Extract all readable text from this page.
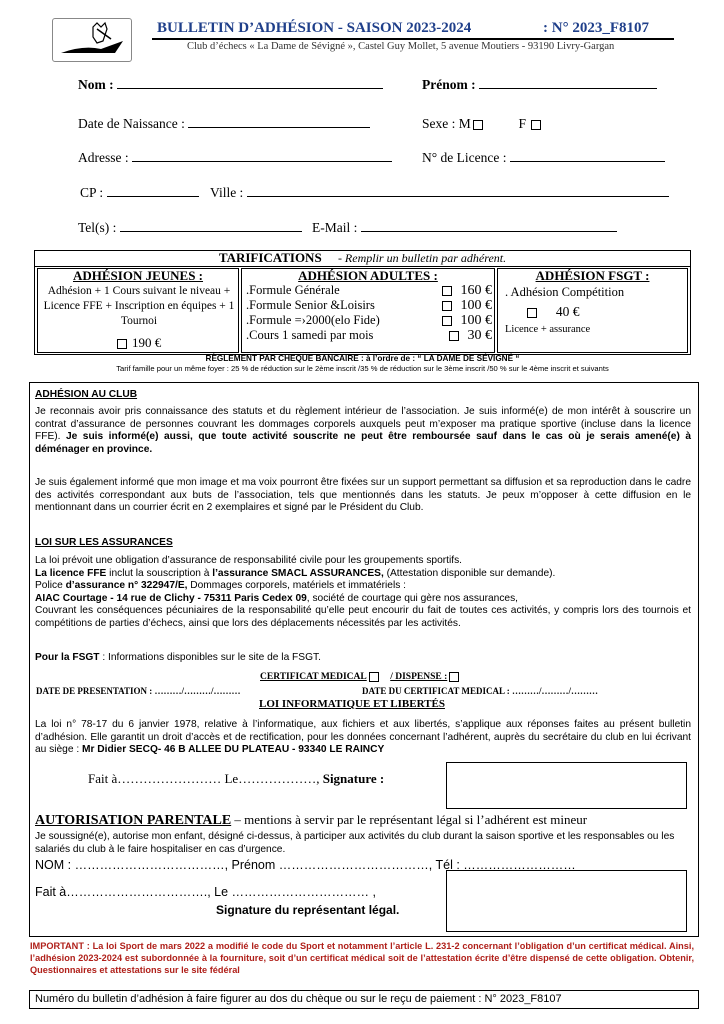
BULLETIN D’ADHÉSION - SAISON 2023-2024	: N° 2023_F8107
Club d’échecs « La Dame de Sévigné », Castel Guy Mollet, 5 avenue Moutiers - 93190 Livry-Gargan
Nom :	Prénom :
Date de Naissance :	Sexe : M	F
Adresse :	N° de Licence :
CP :	Ville :
Tel(s) :	E-Mail :
TARIFICATIONS - Remplir un bulletin par adhérent.
ADHÉSION JEUNES :
Adhésion + 1 Cours suivant le niveau + Licence FFE + Inscription en équipes + 1 Tournoi
190 €
ADHÉSION ADULTES :
.Formule Générale	160 €
.Formule Senior &Loisirs	100 €
.Formule =›2000(elo Fide)	100 €
.Cours 1 samedi par mois	30 €
ADHÉSION FSGT :
. Adhésion Compétition
40 €
Licence + assurance
RÈGLEMENT PAR CHEQUE BANCAIRE : à l’ordre de : “ LA DAME DE SÉVIGNÉ “
Tarif famille pour un même foyer : 25 % de réduction sur le 2ème inscrit /35 % de réduction sur le 3ème inscrit /50 % sur le 4ème inscrit et suivants
ADHÉSION AU CLUB
Je reconnais avoir pris connaissance des statuts et du règlement intérieur de l’association. Je suis informé(e) de mon intérêt à souscrire un contrat d’assurance de personnes couvrant les dommages corporels auxquels peut m’exposer ma pratique sportive (incluse dans la licence FFE). Je suis informé(e) aussi, que toute activité souscrite ne peut être remboursée sauf dans le cas où je serais amené(e) à déménager en province.
Je suis également informé que mon image et ma voix pourront être fixées sur un support permettant sa diffusion et sa reproduction dans le cadre des activités correspondant aux buts de l’association, tels que mentionnés dans les statuts. Je peux m’opposer à cette diffusion en le mentionnant dans un courrier écrit en 2 exemplaires et signé par le Président du Club.
LOI SUR LES ASSURANCES
La loi prévoit une obligation d’assurance de responsabilité civile pour les groupements sportifs.
La licence FFE inclut la souscription à l’assurance SMACL ASSURANCES, (Attestation disponible sur demande).
Police d’assurance n° 322947/E, Dommages corporels, matériels et immatériels :
AIAC Courtage - 14 rue de Clichy - 75311 Paris Cedex 09, société de courtage qui gère nos assurances,
Couvrant les conséquences pécuniaires de la responsabilité qu’elle peut encourir du fait de toutes ces activités, y compris lors des tournois et compétitions de parties d’échecs, ainsi que lors des déplacements nécessités par les activités.
Pour la FSGT : Informations disponibles sur le site de la FSGT.
CERTIFICAT MEDICAL / DISPENSE :
DATE DE PRESENTATION : ………/………/………	DATE DU CERTIFICAT MEDICAL : ………/………/………
LOI INFORMATIQUE ET LIBERTÉS
La loi n° 78-17 du 6 janvier 1978, relative à l’informatique, aux fichiers et aux libertés, s’applique aux réponses faites au présent bulletin d’adhésion. Elle garantit un droit d’accès et de rectification, pour les données concernant l’adhérent, auprès du secrétaire du club en lui écrivant au siège : Mr Didier SECQ- 46 B ALLEE DU PLATEAU - 93340 LE RAINCY
Fait à…………………… Le………………, Signature :
AUTORISATION PARENTALE – mentions à servir par le représentant légal si l’adhérent est mineur
Je soussigné(e), autorise mon enfant, désigné ci-dessus, à participer aux activités du club durant la saison sportive et les responsables ou les salariés du club à le faire hospitaliser en cas d’urgence.
NOM : ………………………………, Prénom ………………………………, Tél : ………………………
Fait à……………………………., Le …………………………… ,
Signature du représentant légal.
IMPORTANT : La loi Sport de mars 2022 a modifié le code du Sport et notamment l’article L. 231-2 concernant l’obligation d’un certificat médical. Ainsi, l’adhésion 2023-2024 est subordonnée à la fourniture, soit d’un certificat médical soit de l’attestation écrite d’être dispensé de cette obligation. Obtenir, Questionnaires et attestations sur le site fédéral
Numéro du bulletin d’adhésion à faire figurer au dos du chèque ou sur le reçu de paiement : N° 2023_F8107
